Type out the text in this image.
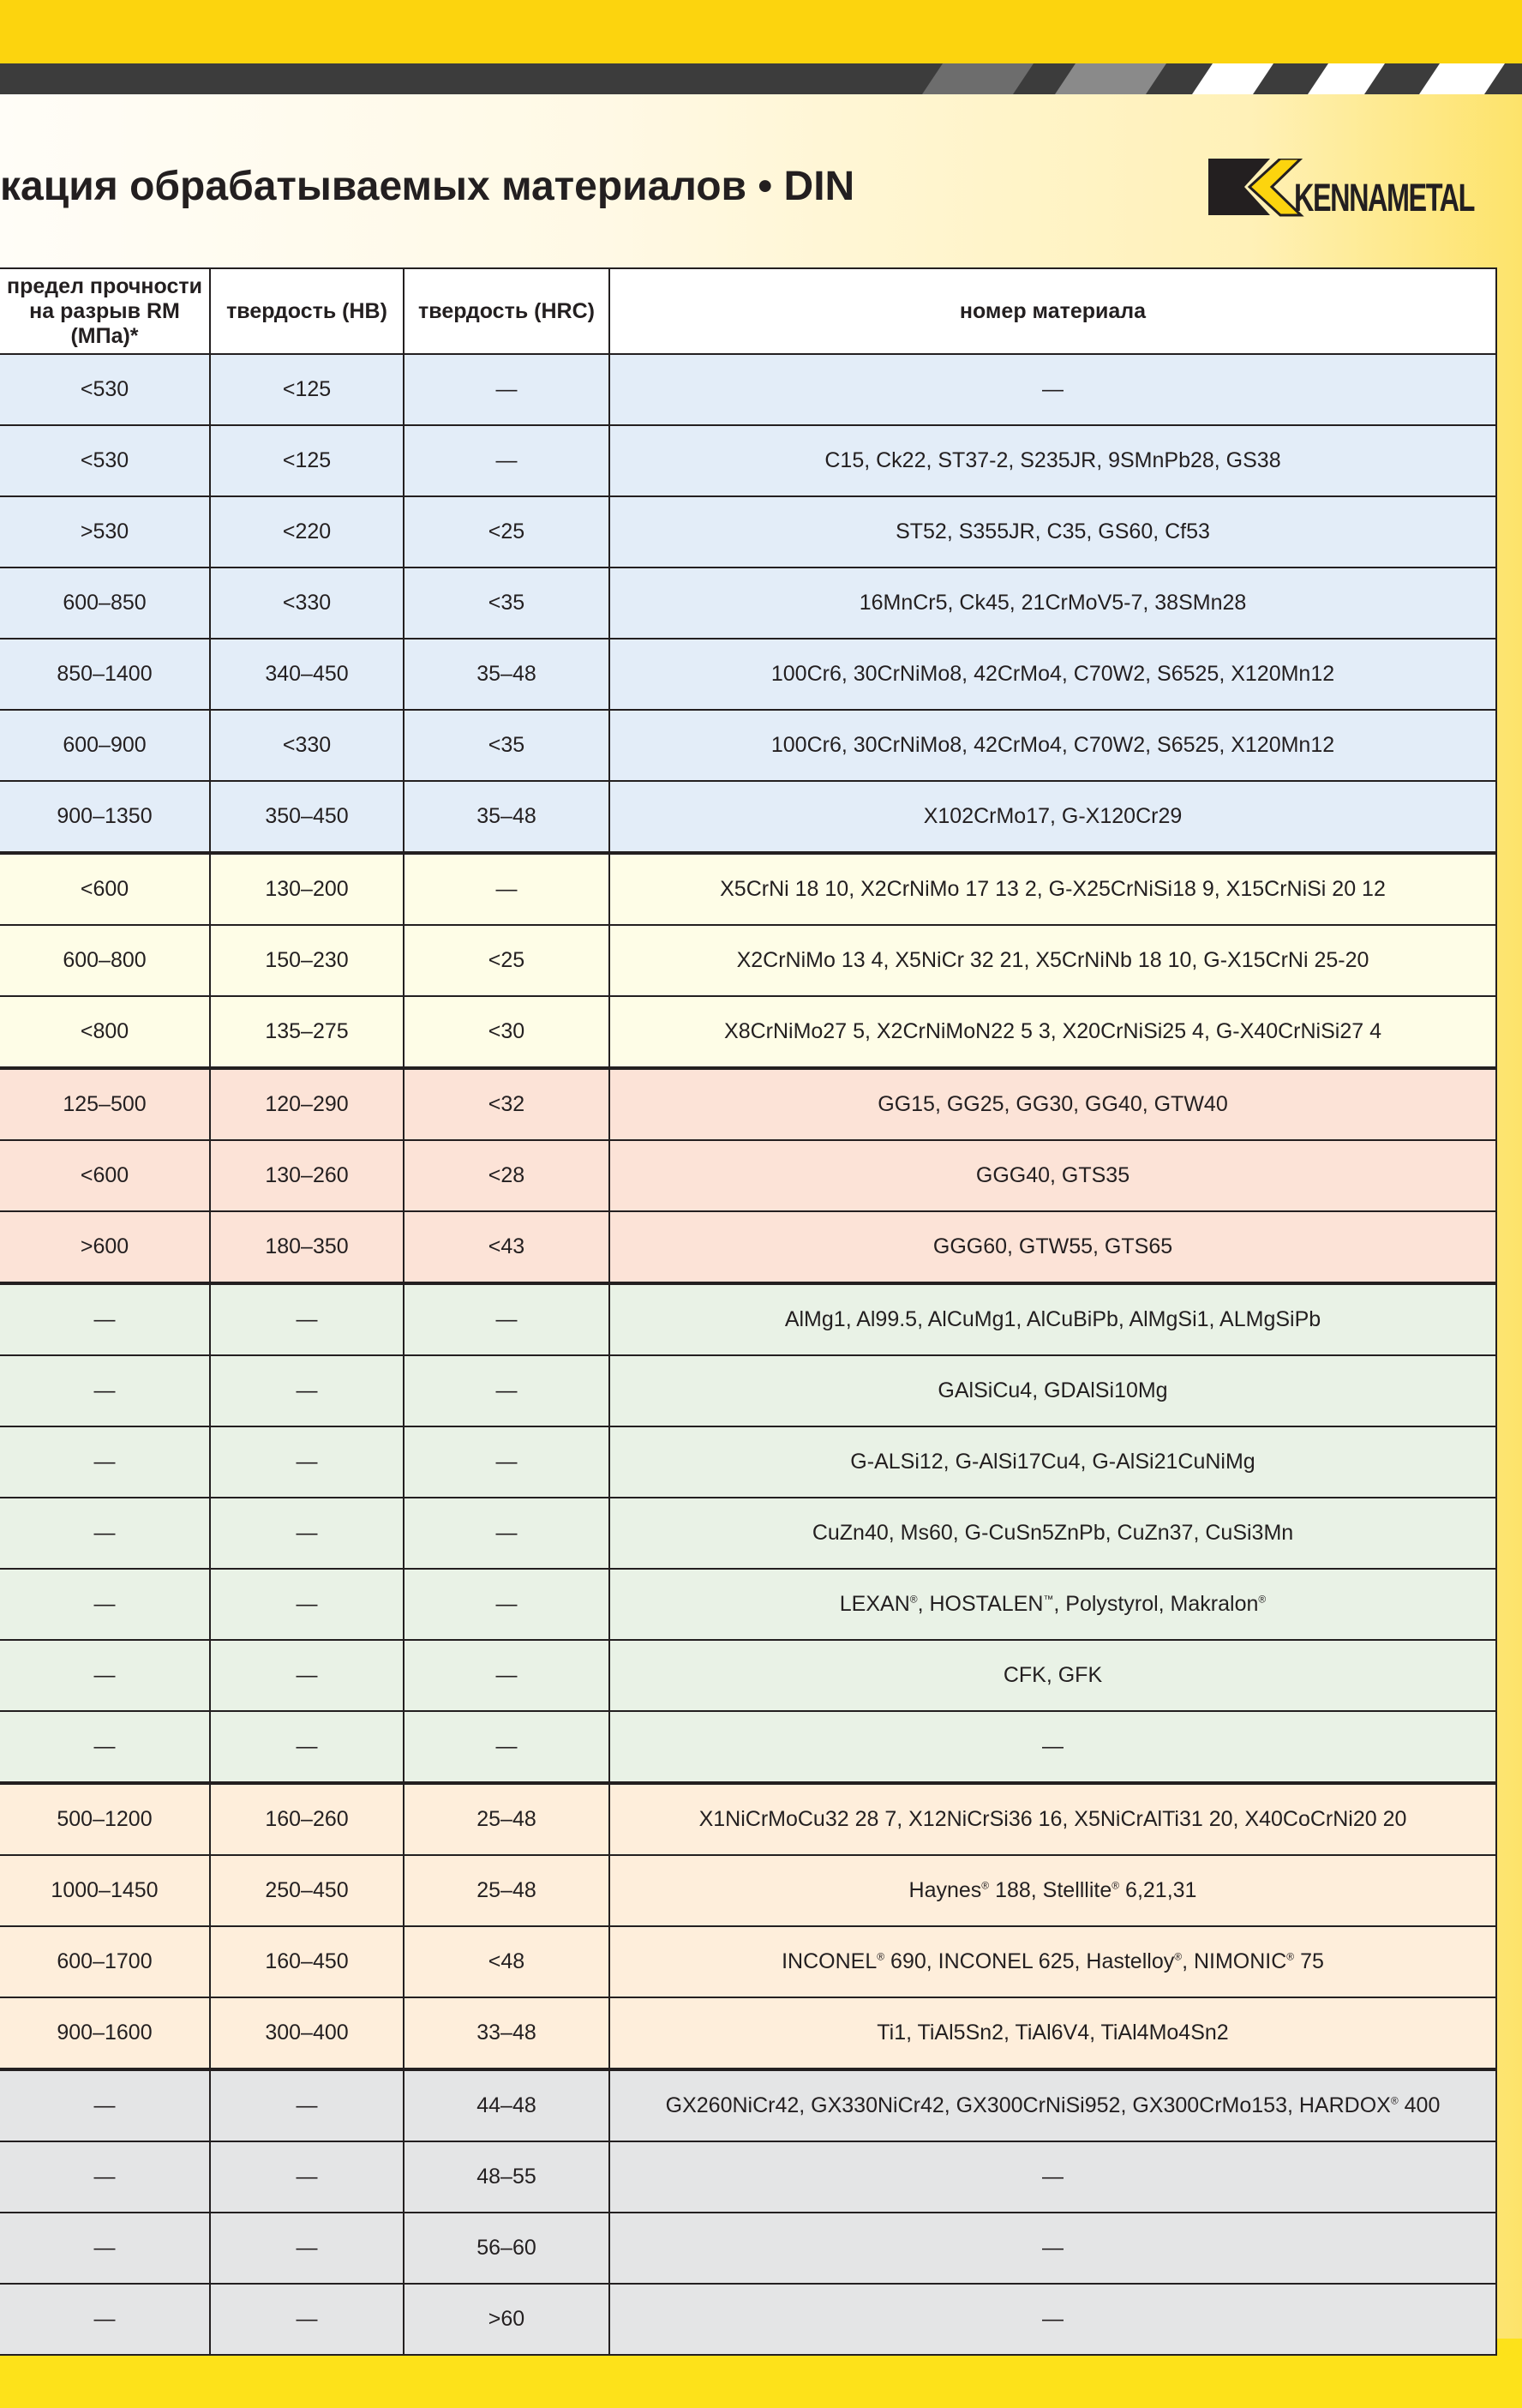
кация обрабатываемых материалов • DIN	KENNAMETAL
предел прочности на разрыв RM (МПа)*	твердость (HB)	твердость (HRC)	номер материала
<530	<125	—	—
<530	<125	—	C15, Ck22, ST37-2, S235JR, 9SMnPb28, GS38
>530	<220	<25	ST52, S355JR, C35, GS60, Cf53
600–850	<330	<35	16MnCr5, Ck45, 21CrMoV5-7, 38SMn28
850–1400	340–450	35–48	100Cr6, 30CrNiMo8, 42CrMo4, C70W2, S6525, X120Mn12
600–900	<330	<35	100Cr6, 30CrNiMo8, 42CrMo4, C70W2, S6525, X120Mn12
900–1350	350–450	35–48	X102CrMo17, G-X120Cr29
<600	130–200	—	X5CrNi 18 10, X2CrNiMo 17 13 2, G-X25CrNiSi18 9, X15CrNiSi 20 12
600–800	150–230	<25	X2CrNiMo 13 4, X5NiCr 32 21, X5CrNiNb 18 10, G-X15CrNi 25-20
<800	135–275	<30	X8CrNiMo27 5, X2CrNiMoN22 5 3, X20CrNiSi25 4, G-X40CrNiSi27 4
125–500	120–290	<32	GG15, GG25, GG30, GG40, GTW40
<600	130–260	<28	GGG40, GTS35
>600	180–350	<43	GGG60, GTW55, GTS65
—	—	—	AlMg1, Al99.5, AlCuMg1, AlCuBiPb, AlMgSi1, ALMgSiPb
—	—	—	GAlSiCu4, GDAlSi10Mg
—	—	—	G-ALSi12, G-AlSi17Cu4, G-AlSi21CuNiMg
—	—	—	CuZn40, Ms60, G-CuSn5ZnPb, CuZn37, CuSi3Mn
—	—	—	LEXAN®, HOSTALEN™, Polystyrol, Makralon®
—	—	—	CFK, GFK
—	—	—	—
500–1200	160–260	25–48	X1NiCrMoCu32 28 7, X12NiCrSi36 16, X5NiCrAlTi31 20, X40CoCrNi20 20
1000–1450	250–450	25–48	Haynes® 188, Stelllite® 6,21,31
600–1700	160–450	<48	INCONEL® 690, INCONEL 625, Hastelloy®, NIMONIC® 75
900–1600	300–400	33–48	Ti1, TiAl5Sn2, TiAl6V4, TiAl4Mo4Sn2
—	—	44–48	GX260NiCr42, GX330NiCr42, GX300CrNiSi952, GX300CrMo153, HARDOX® 400
—	—	48–55	—
—	—	56–60	—
—	—	>60	—
